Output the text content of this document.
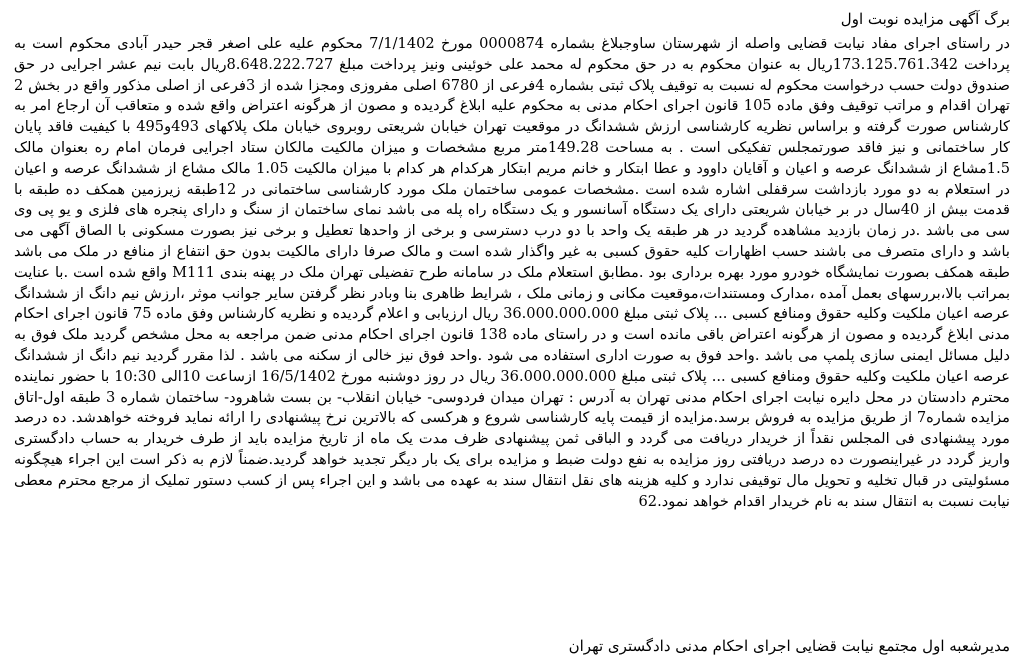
برگ آگهی مزایده نوبت اول

در راستای اجرای مفاد نیابت قضایی واصله از شهرستان ساوجبلاغ بشماره 0000874 مورخ 7/1/1402 محکوم علیه علی اصغر قجر حیدر آبادی محکوم است به پرداخت 173.125.761.342ریال به عنوان محکوم به در حق محکوم له محمد علی خوئینی ونیز پرداخت مبلغ 8.648.222.727ریال بابت نیم عشر اجرایی در حق صندوق دولت حسب درخواست محکوم له نسبت به توقیف پلاک ثبتی بشماره 4فرعی از 6780 اصلی مفروزی ومجزا شده از 3فرعی از اصلی مذکور واقع در بخش 2 تهران اقدام و مراتب توقیف وفق ماده 105 قانون اجرای احکام مدنی به محکوم علیه ابلاغ گردیده و مصون از هرگونه اعتراض واقع شده و متعاقب آن ارجاع امر به کارشناس صورت گرفته و براساس نظریه کارشناسی ارزش ششدانگ در موقعیت تهران خیابان شریعتی روبروی خیابان ملک پلاکهای 493و495 با کیفیت فاقد پایان کار ساختمانی و نیز فاقد صورتمجلس تفکیکی است . به مساحت 149.28متر مربع مشخصات و میزان مالکیت مالکان ستاد اجرایی فرمان امام ره بعنوان مالک 1.5مشاع از ششدانگ عرصه و اعیان و آقایان داوود و عطا ابتکار و خانم مریم ابتکار هرکدام هر کدام با میزان مالکیت 1.05 مالک مشاع از ششدانگ عرصه و اعیان در استعلام به دو مورد بازداشت سرقفلی اشاره شده است .مشخصات عمومی ساختمان ملک مورد کارشناسی ساختمانی در 12طبقه زیرزمین همکف ده طبقه با قدمت بیش از 40سال در بر خیابان شریعتی دارای یک دستگاه آسانسور و یک دستگاه راه پله می باشد نمای ساختمان از سنگ و دارای پنجره های فلزی و یو پی وی سی می باشد .در زمان بازدید مشاهده گردید در هر طبقه یک واحد با دو درب دسترسی و برخی از واحدها تعطیل و برخی نیز بصورت مسکونی با الصاق آگهی می باشد و دارای متصرف می باشند حسب اظهارات کلیه حقوق کسبی به غیر واگذار شده است و مالک صرفا دارای مالکیت بدون حق انتفاع از منافع در ملک می باشد طبقه همکف بصورت نمایشگاه خودرو مورد بهره برداری بود .مطابق استعلام ملک در سامانه طرح تفضیلی تهران ملک در پهنه بندی M111 واقع شده است .با عنایت بمراتب بالا،بررسهای بعمل آمده ،مدارک ومستندات،موقعیت مکانی و زمانی ملک ، شرایط ظاهری بنا وبادر نظر گرفتن سایر جوانب موثر ،ارزش نیم دانگ از ششدانگ عرصه اعیان ملکیت وکلیه حقوق ومنافع کسبی ... پلاک ثبتی مبلغ 36.000.000.000 ریال ارزیابی و اعلام گردیده و نظریه کارشناس وفق ماده 75 قانون اجرای احکام مدنی ابلاغ گردیده و مصون از هرگونه اعتراض باقی مانده است و در راستای ماده 138 قانون اجرای احکام مدنی ضمن مراجعه به محل مشخص گردید ملک فوق به دلیل مسائل ایمنی سازی پلمپ می باشد .واحد فوق به صورت اداری استفاده می شود .واحد فوق نیز خالی از سکنه می باشد . لذا مقرر گردید نیم دانگ از ششدانگ عرصه اعیان ملکیت وکلیه حقوق ومنافع کسبی ... پلاک ثبتی مبلغ 36.000.000.000 ریال در روز دوشنبه مورخ 16/5/1402 ازساعت 10الی 10:30 با حضور نماینده محترم دادستان در محل دایره نیابت اجرای احکام مدنی تهران به آدرس : تهران میدان فردوسی- خیابان انقلاب- بن بست شاهرود- ساختمان شماره 3 طبقه اول-اتاق مزایده شماره7 از طریق مزایده به فروش برسد.مزایده از قیمت پایه کارشناسی شروع و هرکسی که بالاترین نرخ پیشنهادی را ارائه نماید فروخته خواهدشد. ده درصد مورد پیشنهادی فی المجلس نقداً از خریدار دریافت می گردد و الباقی ثمن پیشنهادی ظرف مدت یک ماه از تاریخ مزایده باید از طرف خریدار به حساب دادگستری واریز گردد در غیراینصورت ده درصد دریافتی روز مزایده به نفع دولت ضبط و مزایده برای یک بار دیگر تجدید خواهد گردید.ضمناً لازم به ذکر است این اجراء هیچگونه مسئولیتی در قبال تخلیه و تحویل مال توقیفی ندارد و کلیه هزینه های نقل انتقال سند به عهده می باشد و این اجراء پس از کسب دستور تملیک از مرجع محترم معطی نیابت نسبت به انتقال سند به نام خریدار اقدام خواهد نمود.62

مدیرشعبه اول مجتمع نیابت قضایی اجرای احکام مدنی دادگستری تهران
